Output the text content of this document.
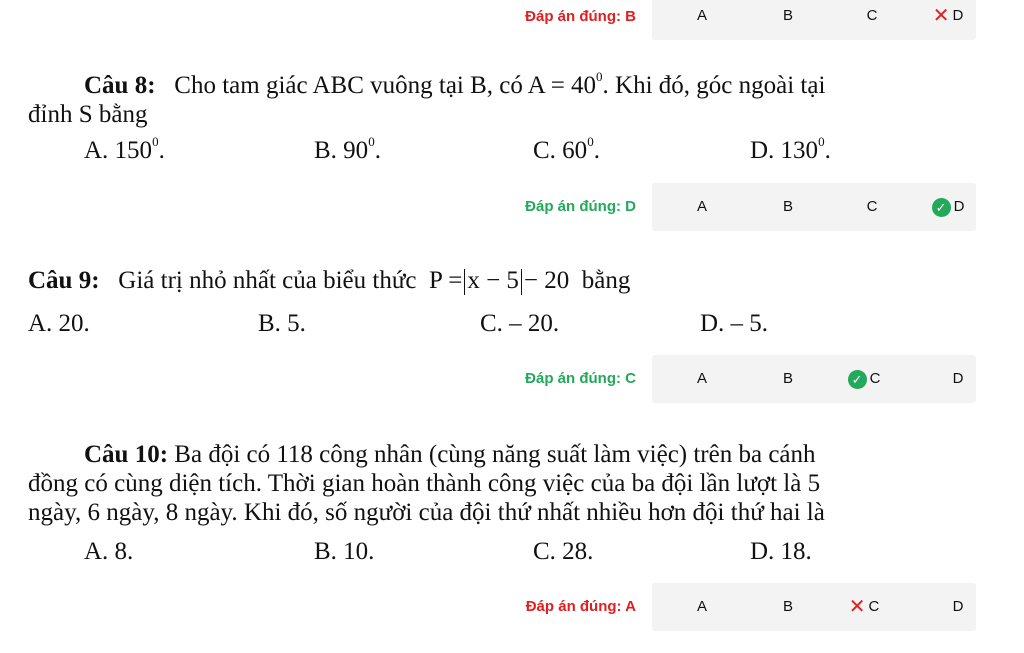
Đáp án đúng: B	A	B	C	✕ D

Câu 8: Cho tam giác ABC vuông tại B, có $A = 40^0$. Khi đó, góc ngoài tại

đỉnh S bằng

A. $150^0$.	B. $90^0$.	C. $60^0$.	D. $130^0$.
Đáp án đúng: D	A	B	C	✓ D

Câu 9: Giá trị nhỏ nhất của biểu thức P = x − 5 − 20 bằng

A. 20.	B. 5.	C. – 20.	D. – 5.
Đáp án đúng: C	A	B	✓ C	D

Câu 10: Ba đội có 118 công nhân (cùng năng suất làm việc) trên ba cánh

đồng có cùng diện tích. Thời gian hoàn thành công việc của ba đội lần lượt là 5

ngày, 6 ngày, 8 ngày. Khi đó, số người của đội thứ nhất nhiều hơn đội thứ hai là

A. 8.	B. 10.	C. 28.	D. 18.
Đáp án đúng: A	A	B	✕ C	D
